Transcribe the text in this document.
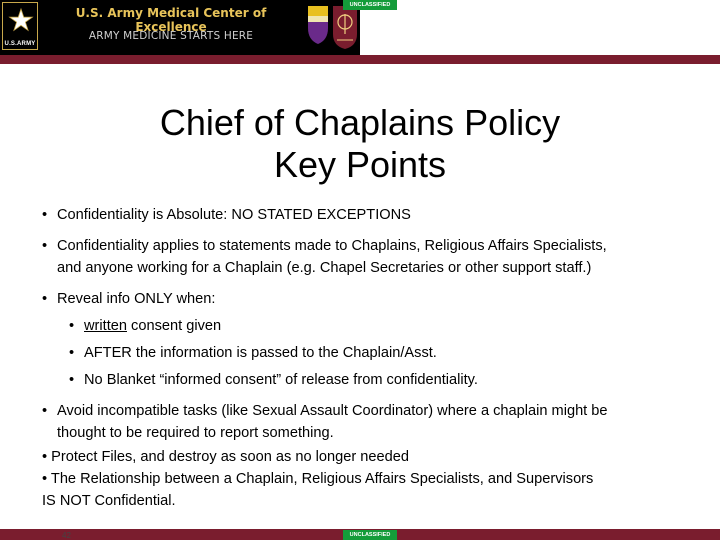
U.S.ARMY
U.S. Army Medical Center of Excellence
ARMY MEDICINE STARTS HERE
UNCLASSIFIED
Chief of Chaplains Policy
Key Points
• Confidentiality is Absolute: NO STATED EXCEPTIONS
• Confidentiality applies to statements made to Chaplains, Religious Affairs Specialists,
and anyone working for a Chaplain (e.g. Chapel Secretaries or other support staff.)
• Reveal info ONLY when:
• written consent given
• AFTER the information is passed to the Chaplain/Asst.
• No Blanket “informed consent” of release from confidentiality.
• Avoid incompatible tasks (like Sexual Assault Coordinator) where a chaplain might be
thought to be required to report something.
• Protect Files, and destroy as soon as no longer needed
• The Relationship between a Chaplain, Religious Affairs Specialists, and Supervisors
IS NOT Confidential.
42	UNCLASSIFIED
